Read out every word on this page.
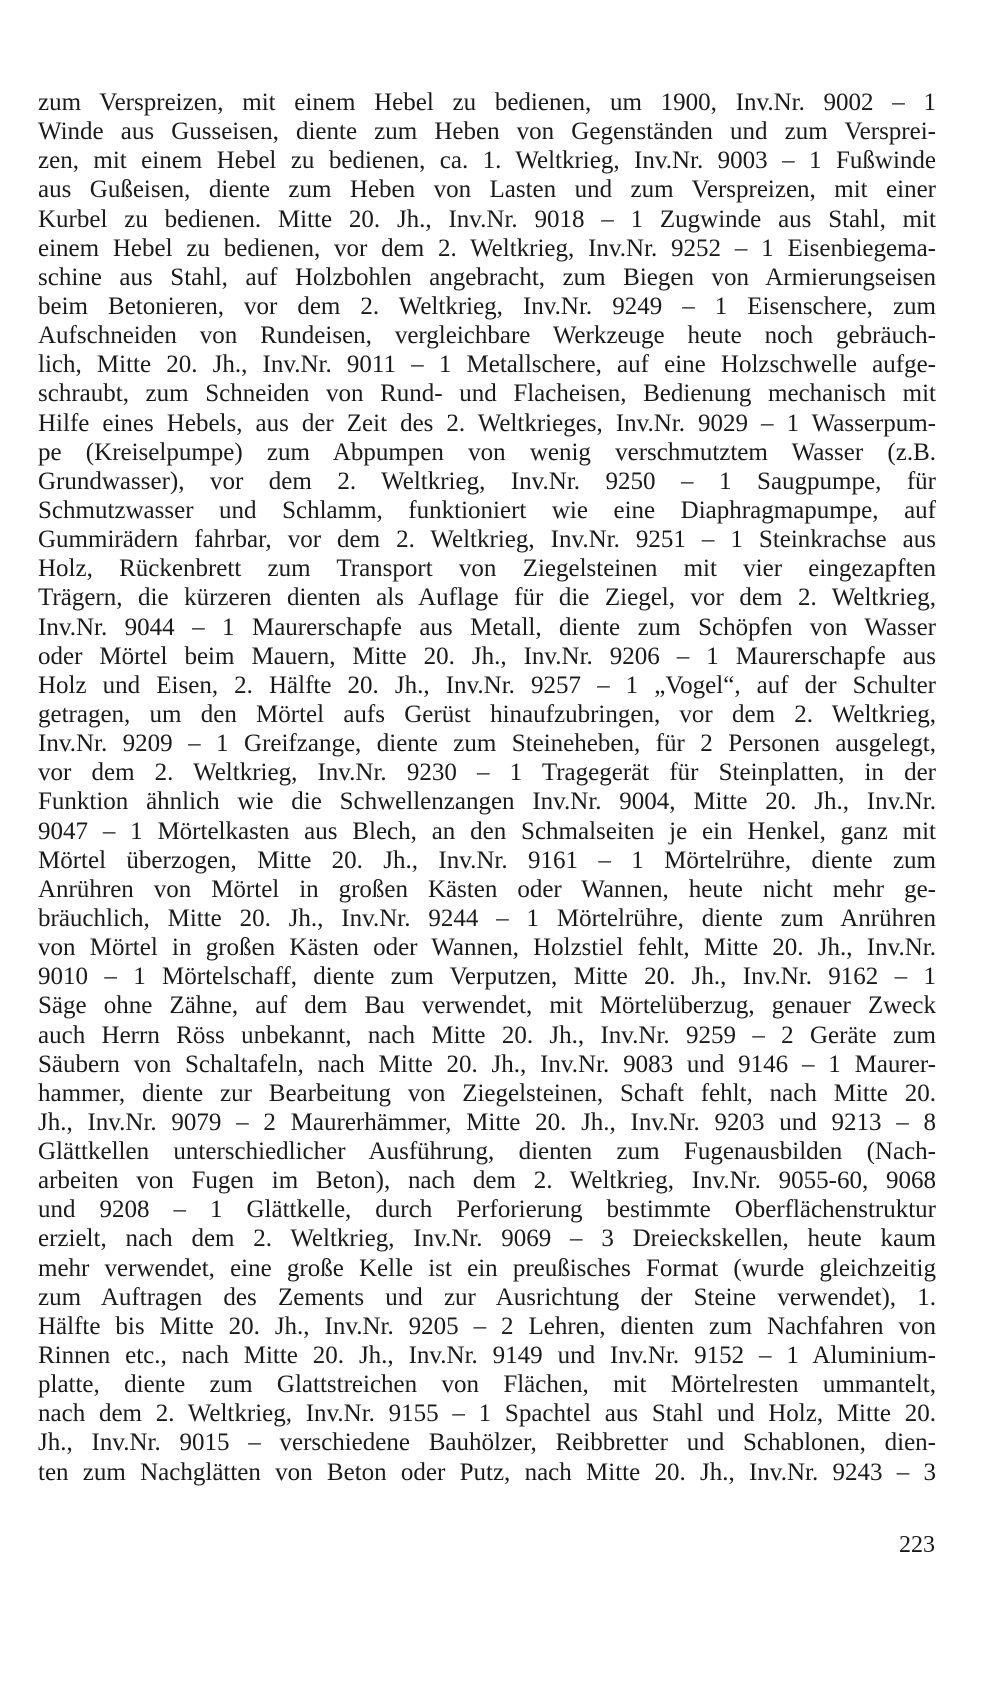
zum Verspreizen, mit einem Hebel zu bedienen, um 1900, Inv.Nr. 9002 – 1
Winde aus Gusseisen, diente zum Heben von Gegenständen und zum Versprei-
zen, mit einem Hebel zu bedienen, ca. 1. Weltkrieg, Inv.Nr. 9003 – 1 Fußwinde
aus Gußeisen, diente zum Heben von Lasten und zum Verspreizen, mit einer
Kurbel zu bedienen. Mitte 20. Jh., Inv.Nr. 9018 – 1 Zugwinde aus Stahl, mit
einem Hebel zu bedienen, vor dem 2. Weltkrieg, Inv.Nr. 9252 – 1 Eisenbiegema-
schine aus Stahl, auf Holzbohlen angebracht, zum Biegen von Armierungseisen
beim Betonieren, vor dem 2. Weltkrieg, Inv.Nr. 9249 – 1 Eisenschere, zum
Aufschneiden von Rundeisen, vergleichbare Werkzeuge heute noch gebräuch-
lich, Mitte 20. Jh., Inv.Nr. 9011 – 1 Metallschere, auf eine Holzschwelle aufge-
schraubt, zum Schneiden von Rund- und Flacheisen, Bedienung mechanisch mit
Hilfe eines Hebels, aus der Zeit des 2. Weltkrieges, Inv.Nr. 9029 – 1 Wasserpum-
pe (Kreiselpumpe) zum Abpumpen von wenig verschmutztem Wasser (z.B.
Grundwasser), vor dem 2. Weltkrieg, Inv.Nr. 9250 – 1 Saugpumpe, für
Schmutzwasser und Schlamm, funktioniert wie eine Diaphragmapumpe, auf
Gummirädern fahrbar, vor dem 2. Weltkrieg, Inv.Nr. 9251 – 1 Steinkrachse aus
Holz, Rückenbrett zum Transport von Ziegelsteinen mit vier eingezapften
Trägern, die kürzeren dienten als Auflage für die Ziegel, vor dem 2. Weltkrieg,
Inv.Nr. 9044 – 1 Maurerschapfe aus Metall, diente zum Schöpfen von Wasser
oder Mörtel beim Mauern, Mitte 20. Jh., Inv.Nr. 9206 – 1 Maurerschapfe aus
Holz und Eisen, 2. Hälfte 20. Jh., Inv.Nr. 9257 – 1 „Vogel“, auf der Schulter
getragen, um den Mörtel aufs Gerüst hinaufzubringen, vor dem 2. Weltkrieg,
Inv.Nr. 9209 – 1 Greifzange, diente zum Steineheben, für 2 Personen ausgelegt,
vor dem 2. Weltkrieg, Inv.Nr. 9230 – 1 Tragegerät für Steinplatten, in der
Funktion ähnlich wie die Schwellenzangen Inv.Nr. 9004, Mitte 20. Jh., Inv.Nr.
9047 – 1 Mörtelkasten aus Blech, an den Schmalseiten je ein Henkel, ganz mit
Mörtel überzogen, Mitte 20. Jh., Inv.Nr. 9161 – 1 Mörtelrühre, diente zum
Anrühren von Mörtel in großen Kästen oder Wannen, heute nicht mehr ge-
bräuchlich, Mitte 20. Jh., Inv.Nr. 9244 – 1 Mörtelrühre, diente zum Anrühren
von Mörtel in großen Kästen oder Wannen, Holzstiel fehlt, Mitte 20. Jh., Inv.Nr.
9010 – 1 Mörtelschaff, diente zum Verputzen, Mitte 20. Jh., Inv.Nr. 9162 – 1
Säge ohne Zähne, auf dem Bau verwendet, mit Mörtelüberzug, genauer Zweck
auch Herrn Röss unbekannt, nach Mitte 20. Jh., Inv.Nr. 9259 – 2 Geräte zum
Säubern von Schaltafeln, nach Mitte 20. Jh., Inv.Nr. 9083 und 9146 – 1 Maurer-
hammer, diente zur Bearbeitung von Ziegelsteinen, Schaft fehlt, nach Mitte 20.
Jh., Inv.Nr. 9079 – 2 Maurerhämmer, Mitte 20. Jh., Inv.Nr. 9203 und 9213 – 8
Glättkellen unterschiedlicher Ausführung, dienten zum Fugenausbilden (Nach-
arbeiten von Fugen im Beton), nach dem 2. Weltkrieg, Inv.Nr. 9055-60, 9068
und 9208 – 1 Glättkelle, durch Perforierung bestimmte Oberflächenstruktur
erzielt, nach dem 2. Weltkrieg, Inv.Nr. 9069 – 3 Dreieckskellen, heute kaum
mehr verwendet, eine große Kelle ist ein preußisches Format (wurde gleichzeitig
zum Auftragen des Zements und zur Ausrichtung der Steine verwendet), 1.
Hälfte bis Mitte 20. Jh., Inv.Nr. 9205 – 2 Lehren, dienten zum Nachfahren von
Rinnen etc., nach Mitte 20. Jh., Inv.Nr. 9149 und Inv.Nr. 9152 – 1 Aluminium-
platte, diente zum Glattstreichen von Flächen, mit Mörtelresten ummantelt,
nach dem 2. Weltkrieg, Inv.Nr. 9155 – 1 Spachtel aus Stahl und Holz, Mitte 20.
Jh., Inv.Nr. 9015 – verschiedene Bauhölzer, Reibbretter und Schablonen, dien-
ten zum Nachglätten von Beton oder Putz, nach Mitte 20. Jh., Inv.Nr. 9243 – 3
223
